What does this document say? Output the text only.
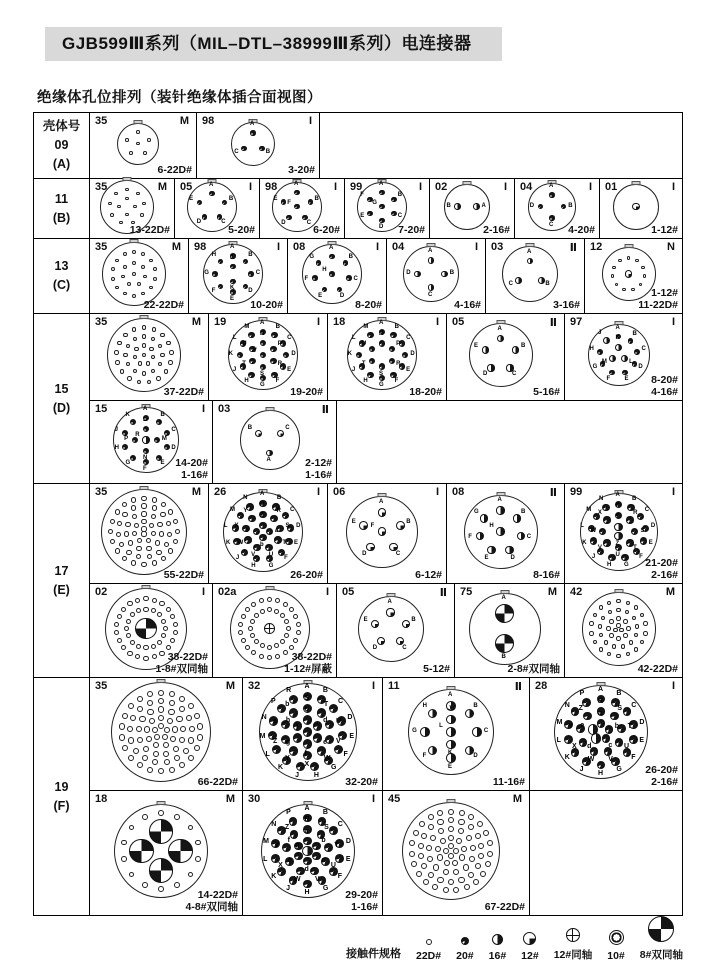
GJB599Ⅲ系列（MIL–DTL–38999Ⅲ系列）电连接器
绝缘体孔位排列（装针绝缘体插合面视图）
壳体号
09
(A)
35	M
6-22D#
98	I
A
B
C
3-20#
11
(B)
35	M
13-22D#
05	I
A
B
C
D
E
5-20#
98	I
A
B
C
D
E
F
6-20#
99	I
A
B
C
D
E
F
G
7-20#
02	I
A
B
2-16#
04	I
A
B
C
D
4-20#
01	I
1-12#
13
(C)
35	M
22-22D#
98	I
A
B
C
D
E
F
G
H J
K
10-20#
08	I
A
B
C
D
E
F
G
H
8-20#
04	I
A
B
C
D
4-16#
03	Ⅱ
A
B
C
3-16#
12	N
1-12#
11-22D#
15
(D)
35	M
37-22D#
19	I
A
B
C
D
E
F
G
H
J
K
L
M
N
P
R
S
T
U
V
19-20#
18	I
A
B
C
D
E
F
G
H
J
K
L
M
N
P
R
S
T
U
18-20#
05	Ⅱ
A
B
C
D
E
5-16#
97	I
A
B
C
D
E
F
G
H
J
K
L
M
8-20#
4-16#
15	I
A
B
C
D
E
F
G
H
J
K
L
M
N
P
R
14-20#
1-16#
03	Ⅱ
A
B	C
2-12#
1-16#
17
(E)
35	M
55-22D#
26	I
A
B
C
D
E
F
G
H
J
K
L
M
N
P
R
S
T
U
V
W
X
Y
Z
a
b
c
26-20#
06	I
A
B
C
D
E
F
6-12#
08	Ⅱ
A
B
C
D
E
F
G
H
8-16#
99	I
A
B
C
D
E
F
G
H
J
K
L
M
N
P
R
S
T
U
V
W
X
Y
Z
21-20#
2-16#
02	I
38-22D#
1-8#双同轴
02a	I
38-22D#
1-12#屏蔽
05	Ⅱ
A
B
C
D
E
5-12#
75	M
A
B
2-8#双同轴
42	M
42-22D#
19
(F)
35	M
66-22D#
32	I
A
B
C
D
E
F
G
H
J
K
L
M
N
P
R
S
T
U
V
W
X
Y
Z
a
b
c
d
e
f
g
h
j
32-20#
11	Ⅱ
A
B
C
D
E
F
G
H	J
K
L
11-16#
28	I
A
B
C
D
E
F
G
H
J
K
L
M
N
P
R
S
T
U
V
W
X
Y
Z
a
b
c
d
e
26-20#
2-16#
18	M
14-22D#
4-8#双同轴
30	I
A
B
C
D
E
F
G
H
J
K
L
M
N
P
R
S
T
U
V
W
X
Y
Z
a
b
c
d
e
f
g
29-20#
1-16#
45	M
67-22D#
接触件规格 22D# 20# 16# 12# 12#同轴 10# 8#双同轴
